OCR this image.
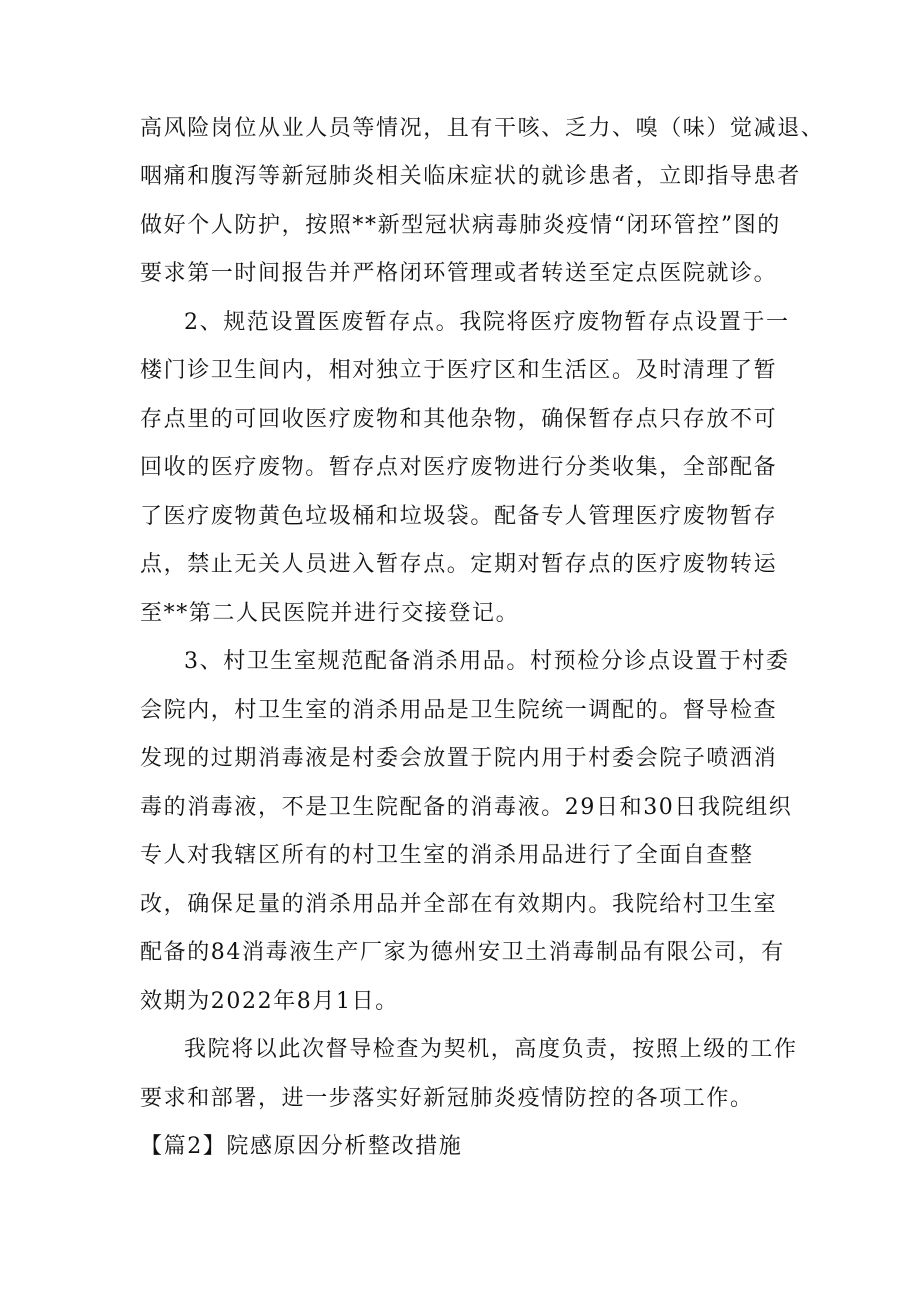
高风险岗位从业人员等情况，且有干咳、乏力、嗅（味）觉减退、
咽痛和腹泻等新冠肺炎相关临床症状的就诊患者，立即指导患者
做好个人防护，按照**新型冠状病毒肺炎疫情“闭环管控”图的
要求第一时间报告并严格闭环管理或者转送至定点医院就诊。
2、规范设置医废暂存点。我院将医疗废物暂存点设置于一
楼门诊卫生间内，相对独立于医疗区和生活区。及时清理了暂
存点里的可回收医疗废物和其他杂物，确保暂存点只存放不可
回收的医疗废物。暂存点对医疗废物进行分类收集，全部配备
了医疗废物黄色垃圾桶和垃圾袋。配备专人管理医疗废物暂存
点，禁止无关人员进入暂存点。定期对暂存点的医疗废物转运
至**第二人民医院并进行交接登记。
3、村卫生室规范配备消杀用品。村预检分诊点设置于村委
会院内，村卫生室的消杀用品是卫生院统一调配的。督导检查
发现的过期消毒液是村委会放置于院内用于村委会院子喷洒消
毒的消毒液，不是卫生院配备的消毒液。29日和30日我院组织
专人对我辖区所有的村卫生室的消杀用品进行了全面自查整
改，确保足量的消杀用品并全部在有效期内。我院给村卫生室
配备的84消毒液生产厂家为德州安卫土消毒制品有限公司，有
效期为2022年8月1日。
我院将以此次督导检查为契机，高度负责，按照上级的工作
要求和部署，进一步落实好新冠肺炎疫情防控的各项工作。
【篇2】院感原因分析整改措施
